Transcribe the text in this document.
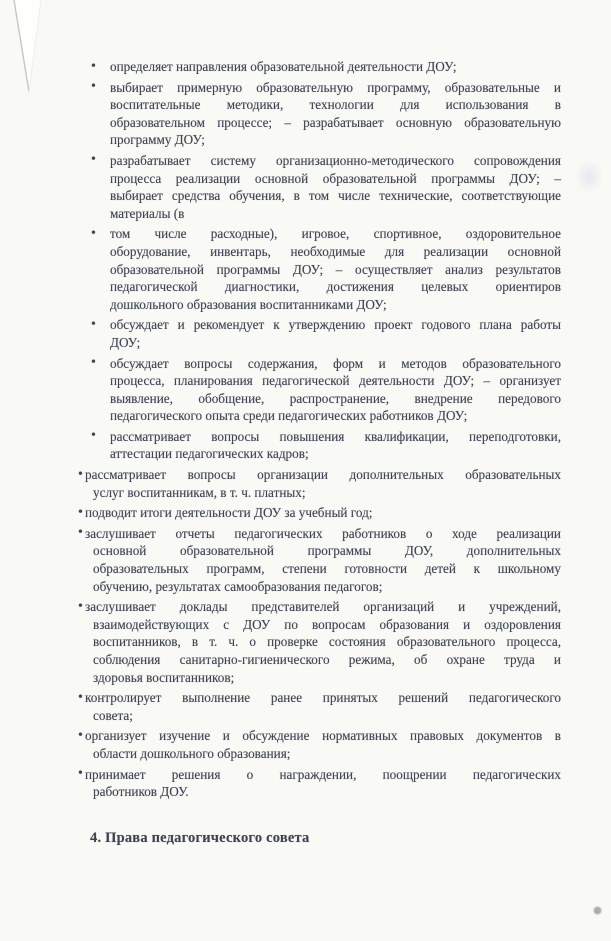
• определяет направления образовательной деятельности ДОУ;
• выбирает примерную образовательную программу, образовательные и
воспитательные методики, технологии для использования в
образовательном процессе; – разрабатывает основную образовательную
программу ДОУ;
• разрабатывает систему организационно-методического сопровождения
процесса реализации основной образовательной программы ДОУ; –
выбирает средства обучения, в том числе технические, соответствующие
материалы (в
• том числе расходные), игровое, спортивное, оздоровительное
оборудование, инвентарь, необходимые для реализации основной
образовательной программы ДОУ; – осуществляет анализ результатов
педагогической диагностики, достижения целевых ориентиров
дошкольного образования воспитанниками ДОУ;
• обсуждает и рекомендует к утверждению проект годового плана работы
ДОУ;
• обсуждает вопросы содержания, форм и методов образовательного
процесса, планирования педагогической деятельности ДОУ; – организует
выявление, обобщение, распространение, внедрение передового
педагогического опыта среди педагогических работников ДОУ;
• рассматривает вопросы повышения квалификации, переподготовки,
аттестации педагогических кадров;
• рассматривает вопросы организации дополнительных образовательных
услуг воспитанникам, в т. ч. платных;
• подводит итоги деятельности ДОУ за учебный год;
• заслушивает отчеты педагогических работников о ходе реализации
основной образовательной программы ДОУ, дополнительных
образовательных программ, степени готовности детей к школьному
обучению, результатах самообразования педагогов;
• заслушивает доклады представителей организаций и учреждений,
взаимодействующих с ДОУ по вопросам образования и оздоровления
воспитанников, в т. ч. о проверке состояния образовательного процесса,
соблюдения санитарно-гигиенического режима, об охране труда и
здоровья воспитанников;
• контролирует выполнение ранее принятых решений педагогического
совета;
• организует изучение и обсуждение нормативных правовых документов в
области дошкольного образования;
• принимает решения о награждении, поощрении педагогических
работников ДОУ.
4. Права педагогического совета
